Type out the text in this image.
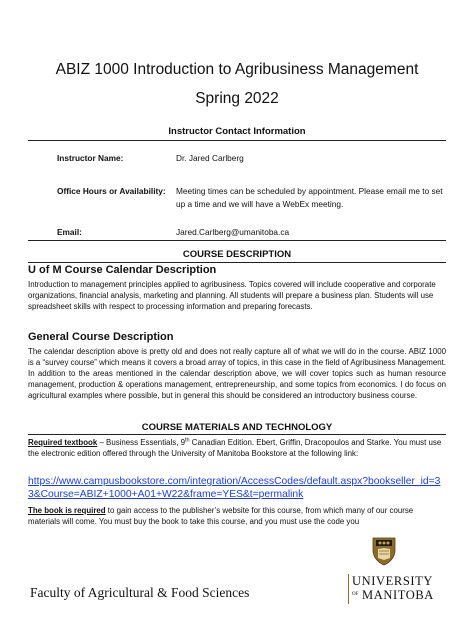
ABIZ 1000 Introduction to Agribusiness Management
Spring 2022
Instructor Contact Information
Instructor Name:	Dr. Jared Carlberg
Office Hours or Availability:	Meeting times can be scheduled by appointment. Please email me to set up a time and we will have a WebEx meeting.
Email:	Jared.Carlberg@umanitoba.ca
COURSE DESCRIPTION
U of M Course Calendar Description
Introduction to management principles applied to agribusiness. Topics covered will include cooperative and corporate organizations, financial analysis, marketing and planning. All students will prepare a business plan. Students will use spreadsheet skills with respect to processing information and preparing forecasts.
General Course Description
The calendar description above is pretty old and does not really capture all of what we will do in the course. ABIZ 1000 is a “survey course” which means it covers a broad array of topics, in this case in the field of Agribusiness Management. In addition to the areas mentioned in the calendar description above, we will cover topics such as human resource management, production & operations management, entrepreneurship, and some topics from economics. I do focus on agricultural examples where possible, but in general this should be considered an introductory business course.
COURSE MATERIALS AND TECHNOLOGY
Required textbook – Business Essentials, 9th Canadian Edition. Ebert, Griffin, Dracopoulos and Starke. You must use the electronic edition offered through the University of Manitoba Bookstore at the following link:
https://www.campusbookstore.com/integration/AccessCodes/default.aspx?bookseller_id=33&Course=ABIZ+1000+A01+W22&frame=YES&t=permalink
The book is required to gain access to the publisher’s website for this course, from which many of our course materials will come. You must buy the book to take this course, and you must use the code you
Faculty of Agricultural & Food Sciences
UNIVERSITY
OF MANITOBA
